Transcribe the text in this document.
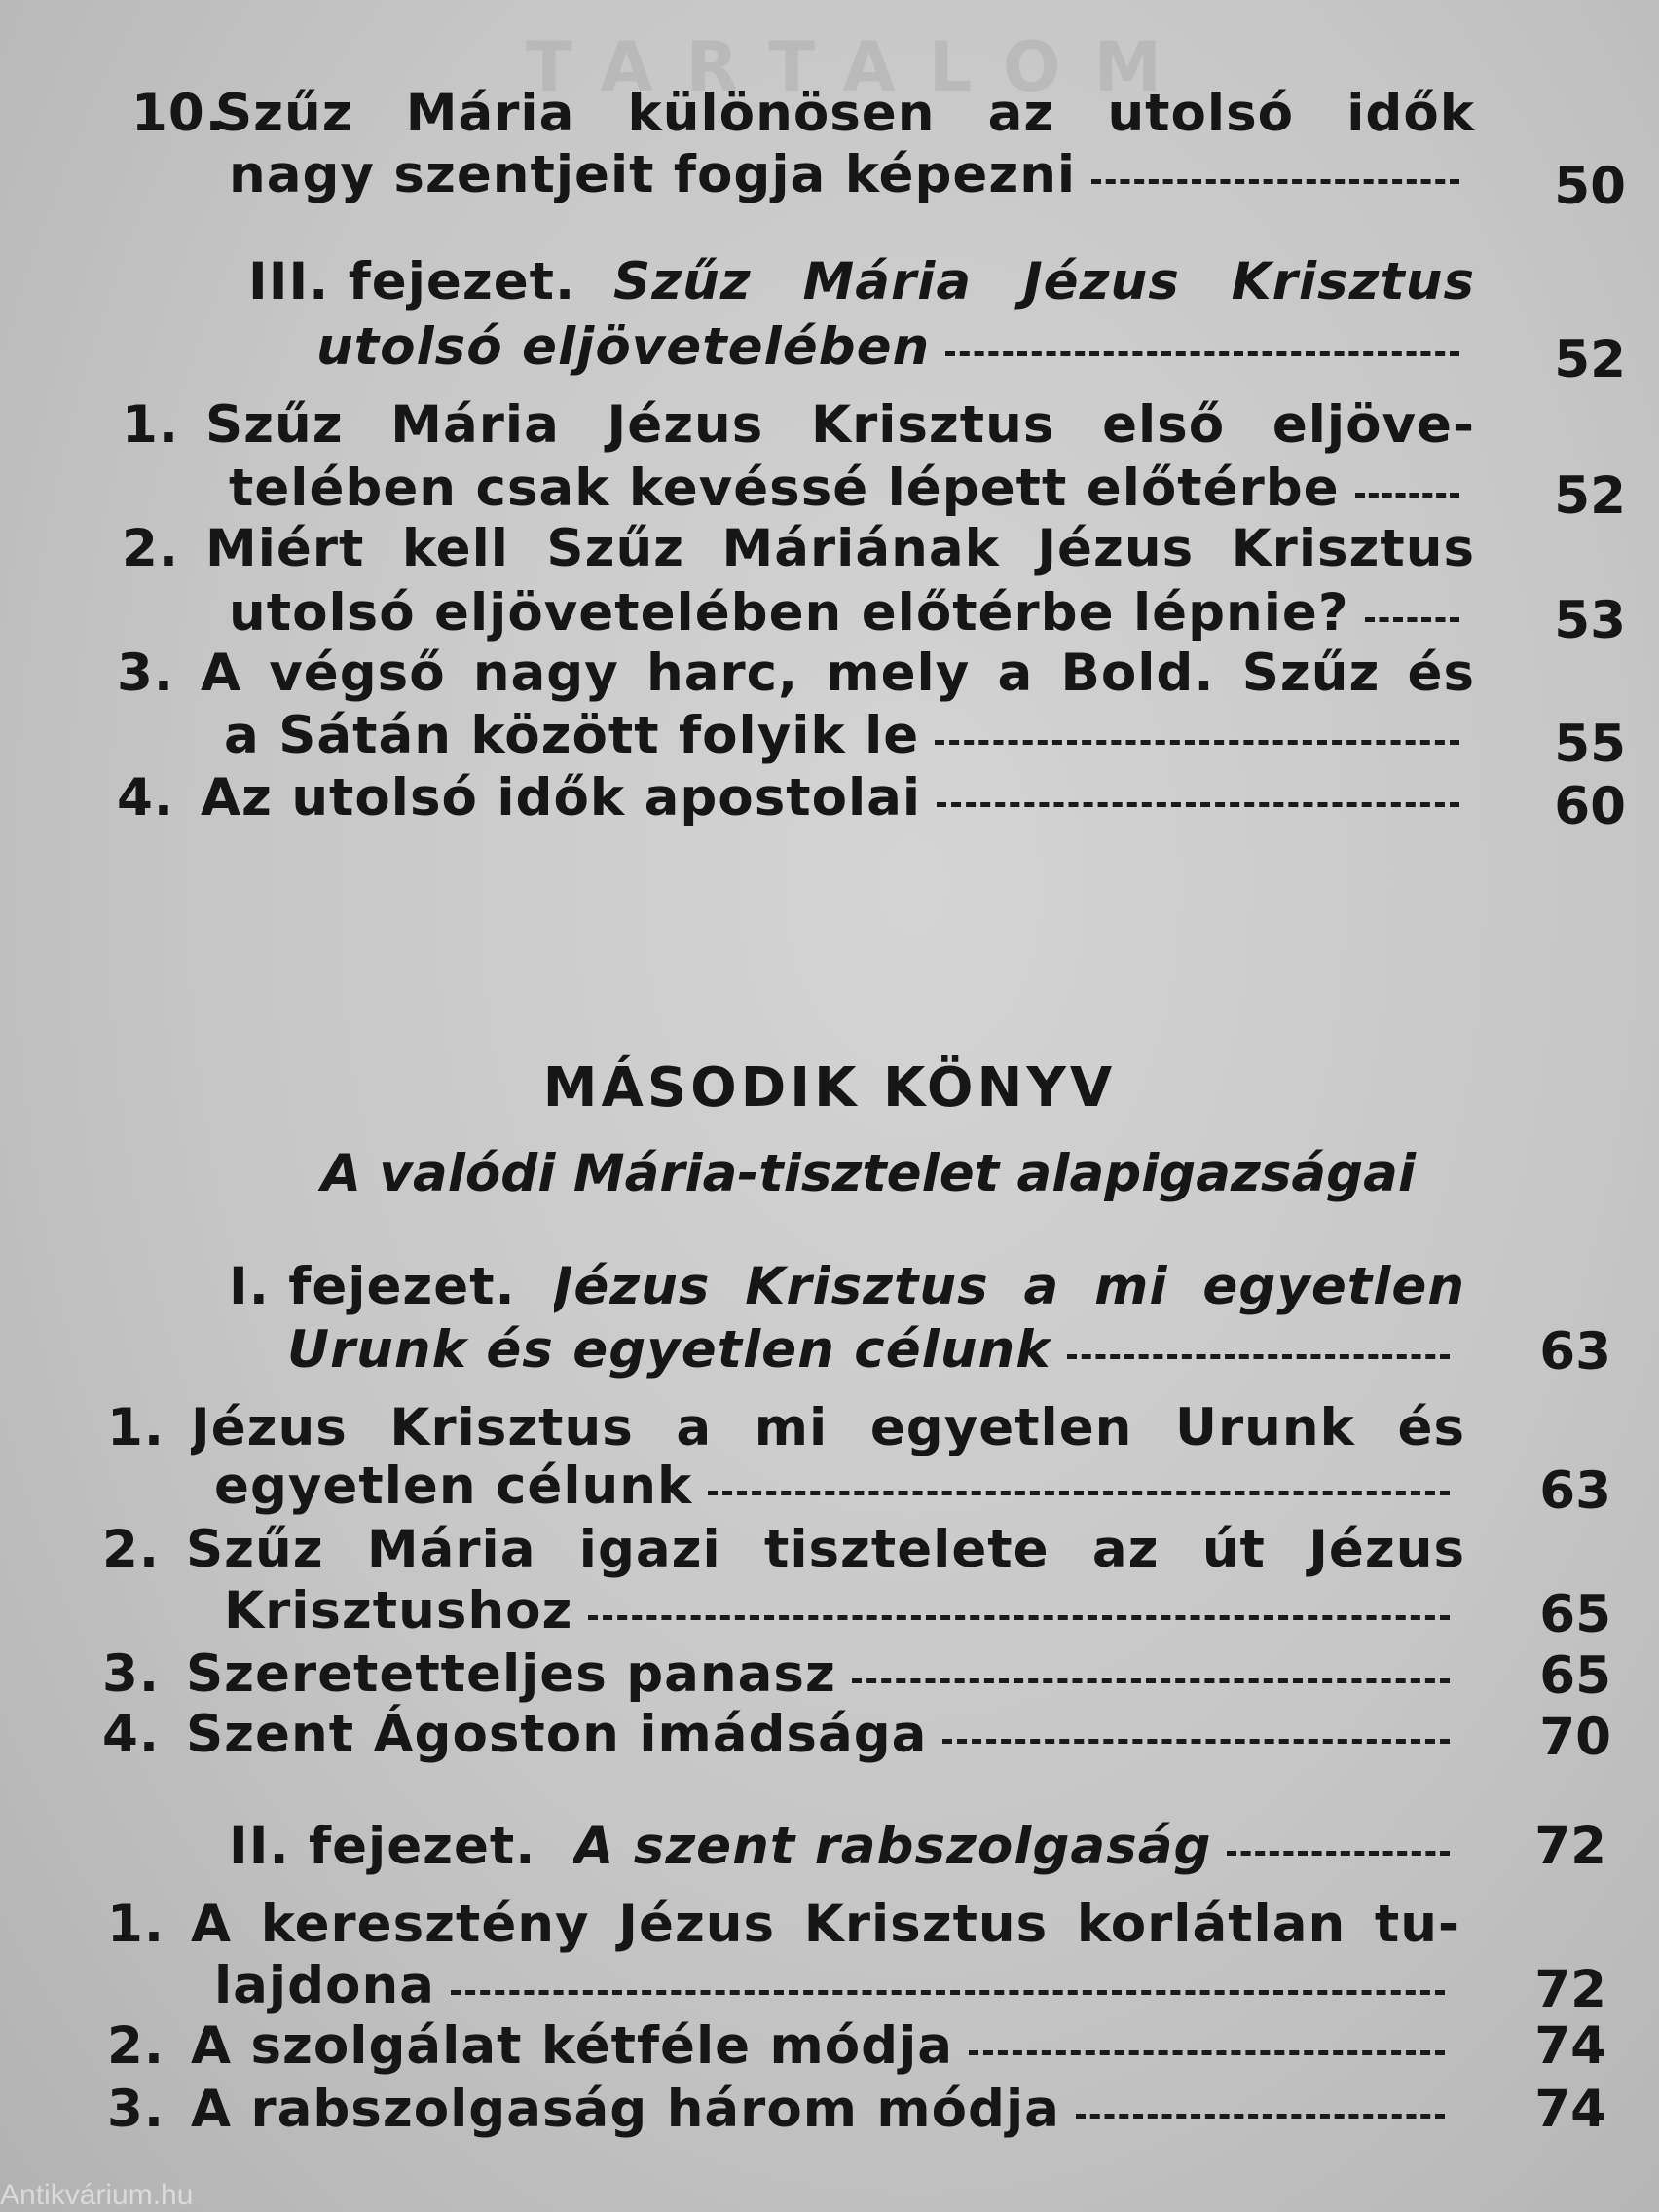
TARTALOM
10.
Szűz Mária különösen az utolsó idők
nagy szentjeit fogja képezni	50
III. fejezet.
Szűz Mária Jézus Krisztus
utolsó eljövetelében	52
1. Szűz Mária Jézus Krisztus első eljöve-
telében csak kevéssé lépett előtérbe	52
2. Miért kell Szűz Máriának Jézus Krisztus
utolsó eljövetelében előtérbe lépnie?	53
3. A végső nagy harc, mely a Bold. Szűz és
a Sátán között folyik le	55
4. Az utolsó idők apostolai	60
MÁSODIK KÖNYV
A valódi Mária-tisztelet alapigazságai
I. fejezet.
Jézus Krisztus a mi egyetlen
Urunk és egyetlen célunk	63
1. Jézus Krisztus a mi egyetlen Urunk és
egyetlen célunk	63
2. Szűz Mária igazi tisztelete az út Jézus
Krisztushoz	65
3. Szeretetteljes panasz	65
4. Szent Ágoston imádsága	70
II. fejezet.
A szent rabszolgaság	72
1. A keresztény Jézus Krisztus korlátlan tu-
lajdona	72
2. A szolgálat kétféle módja	74
3. A rabszolgaság három módja	74
Antikvárium.hu
